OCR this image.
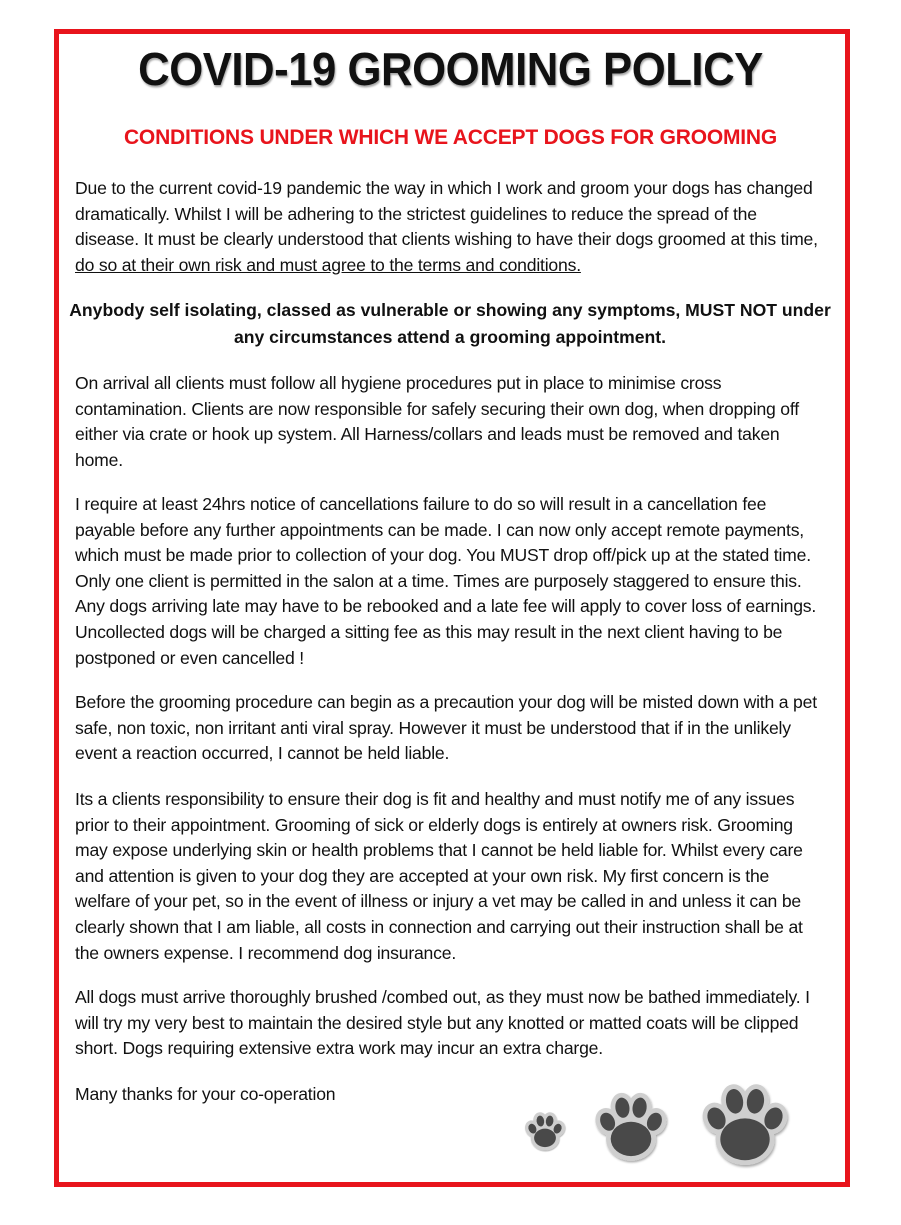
COVID-19 GROOMING POLICY
CONDITIONS UNDER WHICH WE ACCEPT DOGS FOR GROOMING

Due to the current covid-19 pandemic the way in which I work and groom your dogs has changed dramatically. Whilst I will be adhering to the strictest guidelines to reduce the spread of the disease. It must be clearly understood that clients wishing to have their dogs groomed at this time, do so at their own risk and must agree to the terms and conditions.

Anybody self isolating, classed as vulnerable or showing any symptoms, MUST NOT under any circumstances attend a grooming appointment.

On arrival all clients must follow all hygiene procedures put in place to minimise cross contamination. Clients are now responsible for safely securing their own dog, when dropping off either via crate or hook up system. All Harness/collars and leads must be removed and taken home.

I require at least 24hrs notice of cancellations failure to do so will result in a cancellation fee payable before any further appointments can be made. I can now only accept remote payments, which must be made prior to collection of your dog. You MUST drop off/pick up at the stated time. Only one client is permitted in the salon at a time. Times are purposely staggered to ensure this. Any dogs arriving late may have to be rebooked and a late fee will apply to cover loss of earnings. Uncollected dogs will be charged a sitting fee as this may result in the next client having to be postponed or even cancelled !

Before the grooming procedure can begin as a precaution your dog will be misted down with a pet safe, non toxic, non irritant anti viral spray. However it must be understood that if in the unlikely event a reaction occurred, I cannot be held liable.

Its a clients responsibility to ensure their dog is fit and healthy and must notify me of any issues prior to their appointment. Grooming of sick or elderly dogs is entirely at owners risk. Grooming may expose underlying skin or health problems that I cannot be held liable for. Whilst every care and attention is given to your dog they are accepted at your own risk. My first concern is the welfare of your pet, so in the event of illness or injury a vet may be called in and unless it can be clearly shown that I am liable, all costs in connection and carrying out their instruction shall be at the owners expense. I recommend dog insurance.

All dogs must arrive thoroughly brushed /combed out, as they must now be bathed immediately. I will try my very best to maintain the desired style but any knotted or matted coats will be clipped short. Dogs requiring extensive extra work may incur an extra charge.

Many thanks for your co-operation
